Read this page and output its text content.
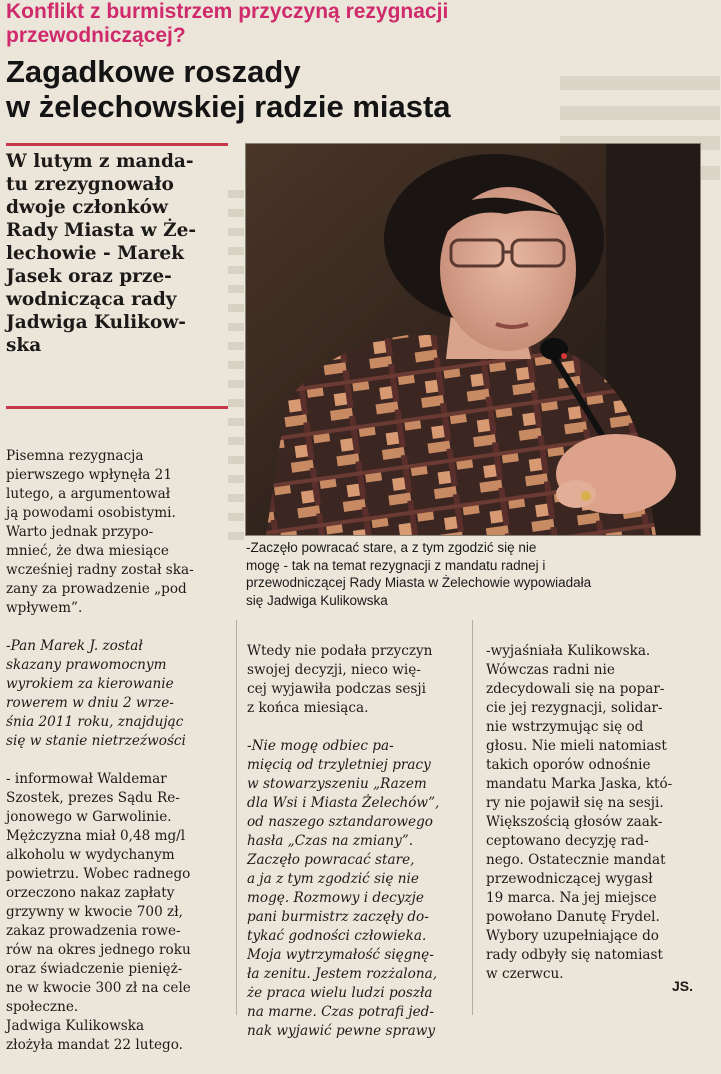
Konflikt z burmistrzem przyczyną rezygnacji
przewodniczącej?
Zagadkowe roszady
w żelechowskiej radzie miasta
W lutym z manda-
tu zrezygnowało
dwoje członków
Rady Miasta w Że-
lechowie - Marek
Jasek oraz prze-
wodnicząca rady
Jadwiga Kulikow-
ska
-Zaczęło powracać stare, a z tym zgodzić się nie
mogę - tak na temat rezygnacji z mandatu radnej i
przewodniczącej Rady Miasta w Żelechowie wypowiadała
się Jadwiga Kulikowska

Pisemna rezygnacja
pierwszego wpłynęła 21
lutego, a argumentował
ją powodami osobistymi.
Warto jednak przypo-
mnieć, że dwa miesiące
wcześniej radny został ska-
zany za prowadzenie „pod
wpływem”.

-Pan Marek J. został
skazany prawomocnym
wyrokiem za kierowanie
rowerem w dniu 2 wrze-
śnia 2011 roku, znajdując
się w stanie nietrzeźwości

- informował Waldemar
Szostek, prezes Sądu Re-
jonowego w Garwolinie.
Mężczyzna miał 0,48 mg/l
alkoholu w wydychanym
powietrzu. Wobec radnego
orzeczono nakaz zapłaty
grzywny w kwocie 700 zł,
zakaz prowadzenia rowe-
rów na okres jednego roku
oraz świadczenie pienięż-
ne w kwocie 300 zł na cele
społeczne.
Jadwiga Kulikowska
złożyła mandat 22 lutego.

Wtedy nie podała przyczyn
swojej decyzji, nieco wię-
cej wyjawiła podczas sesji
z końca miesiąca.

-Nie mogę odbiec pa-
mięcią od trzyletniej pracy
w stowarzyszeniu „Razem
dla Wsi i Miasta Żelechów”,
od naszego sztandarowego
hasła „Czas na zmiany”.
Zaczęło powracać stare,
a ja z tym zgodzić się nie
mogę. Rozmowy i decyzje
pani burmistrz zaczęły do-
tykać godności człowieka.
Moja wytrzymałość sięgnę-
ła zenitu. Jestem rozżalona,
że praca wielu ludzi poszła
na marne. Czas potrafi jed-
nak wyjawić pewne sprawy

-wyjaśniała Kulikowska.
Wówczas radni nie
zdecydowali się na popar-
cie jej rezygnacji, solidar-
nie wstrzymując się od
głosu. Nie mieli natomiast
takich oporów odnośnie
mandatu Marka Jaska, któ-
ry nie pojawił się na sesji.
Większością głosów zaak-
ceptowano decyzję rad-
nego. Ostatecznie mandat
przewodniczącej wygasł
19 marca. Na jej miejsce
powołano Danutę Frydel.
Wybory uzupełniające do
rady odbyły się natomiast
w czerwcu.

JS.
